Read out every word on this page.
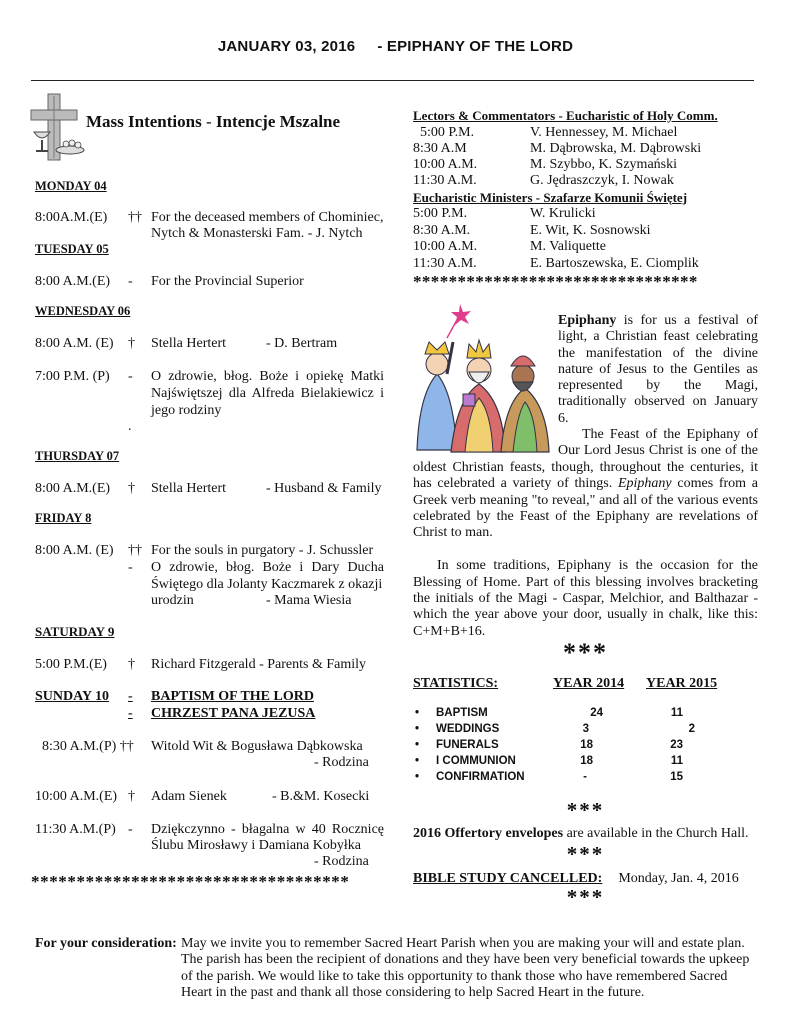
JANUARY 03, 2016 - EPIPHANY OF THE LORD
Mass Intentions - Intencje Mszalne
MONDAY 04
8:00A.M.(E) †† For the deceased members of Chominiec,
Nytch & Monasterski Fam. - J. Nytch
TUESDAY 05
8:00 A.M.(E) - For the Provincial Superior
WEDNESDAY 06
8:00 A.M. (E) † Stella Hertert	- D. Bertram
7:00 P.M. (P) - O zdrowie, błog. Boże i opiekę Matki
Najświętszej dla Alfreda Bielakiewicz i
jego rodziny
.
THURSDAY 07
8:00 A.M.(E) † Stella Hertert	- Husband & Family
FRIDAY 8
8:00 A.M. (E) †† For the souls in purgatory - J. Schussler
- O zdrowie, błog. Boże i Dary Ducha
Świętego dla Jolanty Kaczmarek z okazji
urodzin	- Mama Wiesia
SATURDAY 9
5:00 P.M.(E) † Richard Fitzgerald - Parents & Family
SUNDAY 10 -
-
BAPTISM OF THE LORD
CHRZEST PANA JEZUSA
8:30 A.M.(P) †† Witold Wit & Bogusława Dąbkowska
- Rodzina
10:00 A.M.(E) † Adam Sienek	- B.&M. Kosecki
11:30 A.M.(P) - Dziękczynno - błagalna w 40 Rocznicę
Ślubu Mirosławy i Damiana Kobyłka
- Rodzina
***********************************
Lectors & Commentators - Eucharistic of Holy Comm.
5:00 P.M.	V. Hennessey, M. Michael
8:30 A.M	M. Dąbrowska, M. Dąbrowski
10:00 A.M.	M. Szybbo, K. Szymański
11:30 A.M.	G. Jędraszczyk, I. Nowak
Eucharistic Ministers - Szafarze Komunii Świętej
5:00 P.M.	W. Krulicki
8:30 A.M.	E. Wit, K. Sosnowski
10:00 A.M.	M. Valiquette
11:30 A.M.	E. Bartoszewska, E. Ciomplik
********************************
Epiphany is for us a festival of
light, a Christian feast celebrating
the manifestation of the divine
nature of Jesus to the Gentiles as
represented      by      the      Magi,
traditionally observed on January
6.
The Feast of the Epiphany of
Our Lord Jesus Christ is one of the

oldest Christian feasts, though, throughout the centuries, it has celebrated a variety of things. Epiphany comes from a Greek verb meaning "to reveal," and all of the various events celebrated by the Feast of the Epiphany are revelations of Christ to man.

In some traditions, Epiphany is the occasion for the Blessing of Home. Part of this blessing involves bracketing the initials of the Magi - Caspar, Melchior, and Balthazar - which the year above your door, usually in chalk, like this: C+M+B+16.

***
STATISTICS:	YEAR 2014 YEAR 2015
• BAPTISM	24	11
• WEDDINGS	3	2
• FUNERALS	18	23
• I COMMUNION	18	11
• CONFIRMATION	-	15
***
2016 Offertory envelopes are available in the Church Hall.
***
BIBLE STUDY CANCELLED: Monday, Jan. 4, 2016
***
For your consideration: May we invite you to remember Sacred Heart Parish when you are making your will and estate plan.
The parish has been the recipient of donations and they have been very beneficial towards the upkeep
of the parish. We would like to take this opportunity to thank those who have remembered Sacred
Heart in the past and thank all those considering to help Sacred Heart in the future.
